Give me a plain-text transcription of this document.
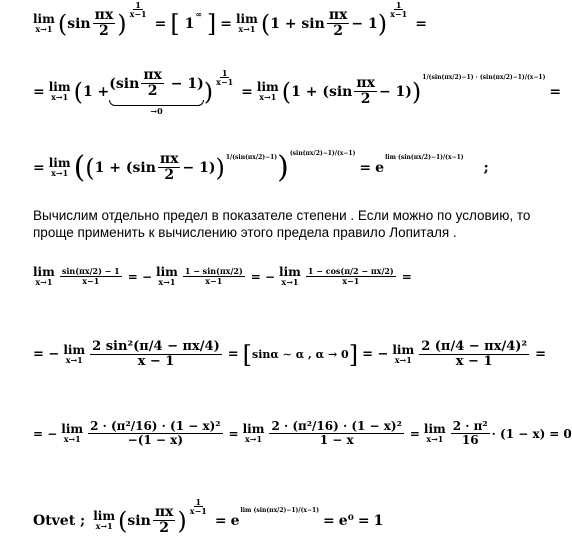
lim
x→1 ( $\sin \frac{\pi x}{2}$ ) $\frac{1}{x-1}$
= [ 1
∞
] = lim
x→1 ( $1 + \sin \frac{\pi x}{2} - 1$ ) $\frac{1}{x-1}$
=
= lim
x→1 ( $1 + (\sin \frac{\pi x}{2} - 1)$
→0
) $\frac{1}{x-1}$
= lim
x→1 ( $1 + (\sin \frac{\pi x}{2} - 1)$ ) 1/(sin(πx/2)−1) · (sin(πx/2)−1)/(x−1)
=
= lim
x→1 ( ( $1 + (\sin \frac{\pi x}{2} - 1)$ ) 1/(sin(πx/2)−1) ) (sin(πx/2)−1)/(x−1)
= e
lim (sin(πx/2)−1)/(x−1)
;
Вычислим отдельно предел в показателе степени . Если можно по условию, то проще применить к вычислению этого предела правило Лопиталя .
lim
$x\to 1 \frac{\sin(\pi x/2) - 1}{x-1}$ = − lim
$x\to 1 \frac{1 - \sin(\pi x/2)}{x-1}$ = − lim
$x\to 1 \frac{1 - \cos(\pi/2 - \pi x/2)}{x-1}$ =
= − lim
$x\to 1 \frac{\text{2 sin²(π/4 − πx/4)}}{x - 1}$ = [ sinα ∼ α , α → 0 ] = − lim
$x\to 1 \frac{\text{2 (π/4 − πx/4)²}}{x - 1}$ =
= − lim
$x\to 1 \frac{\text{2 · (π²/16) · (1 − x)²}}{-(1 - x)} = \lim$
$x\to 1 \frac{\text{2 · (π²/16) · (1 − x)²}}{1 - x} = \lim$
$x\to 1 \frac{\text{2 · π²}}{16} \cdot (1 - x) = 0$
Otvet ; lim
x→1 ( $\sin \frac{\pi x}{2}$ ) $\frac{1}{x-1}$
= e
lim (sin(πx/2)−1)/(x−1)
= e⁰ = 1
